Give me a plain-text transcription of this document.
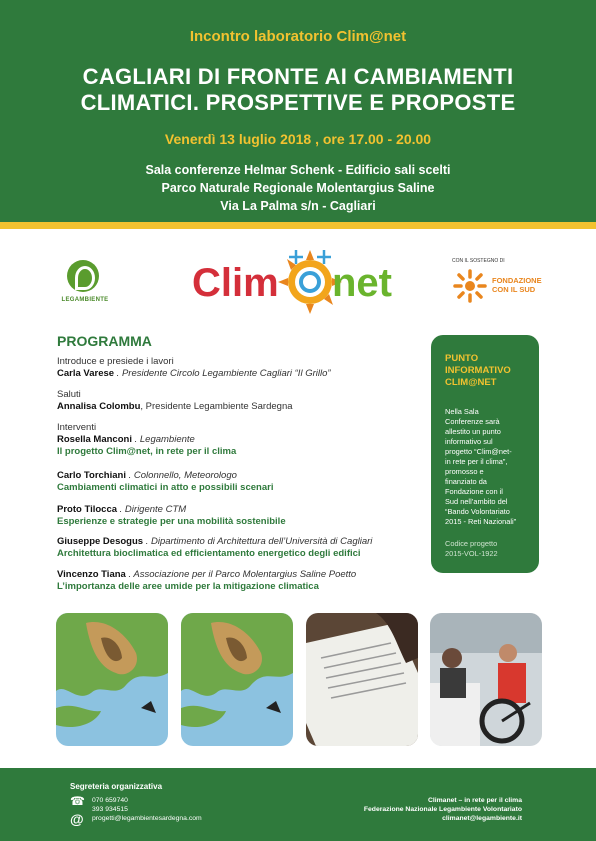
Incontro laboratorio Clim@net
CAGLIARI DI FRONTE AI CAMBIAMENTI
CLIMATICI. PROSPETTIVE E PROPOSTE
Venerdì 13 luglio 2018 , ore 17.00 - 20.00
Sala conferenze Helmar Schenk - Edificio sali scelti
Parco Naturale Regionale Molentargius Saline
Via La Palma s/n - Cagliari
LEGAMBIENTE Clim net	CON IL SOSTEGNO DI
FONDAZIONE
CON IL SUD
PROGRAMMA
Introduce e presiede i lavori
Carla Varese . Presidente Circolo Legambiente Cagliari “Il Grillo”
Saluti
Annalisa Colombu, Presidente Legambiente Sardegna
Interventi
Rosella Manconi . Legambiente
Il progetto Clim@net, in rete per il clima
Carlo Torchiani . Colonnello, Meteorologo
Cambiamenti climatici in atto e possibili scenari
Proto Tilocca . Dirigente CTM
Esperienze e strategie per una mobilità sostenibile
Giuseppe Desogus . Dipartimento di Architettura dell’Università di Cagliari
Architettura bioclimatica ed efficientamento energetico degli edifici
Vincenzo Tiana . Associazione per il Parco Molentargius Saline Poetto
L’importanza delle aree umide per la mitigazione climatica
PUNTO
INFORMATIVO
CLIM@NET
Nella Sala
Conferenze sarà
allestito un punto
informativo sul
progetto “Clim@net-
in rete per il clima”,
promosso e
finanziato da
Fondazione con il
Sud nell’ambito del
“Bando Volontariato
2015 - Reti Nazionali”
Codice progetto
2015-VOL-1922
Segreteria organizzativa
☎ 070 659740
393 934515
@ progetti@legambientesardegna.com
Climanet – in rete per il clima
Federazione Nazionale Legambiente Volontariato
climanet@legambiente.it
